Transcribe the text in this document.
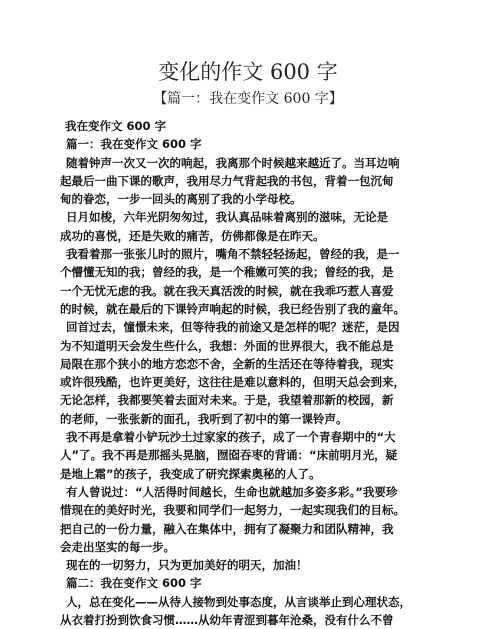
变化的作文 600 字
【篇一：我在变作文 600 字】
我在变作文 600 字
篇一：我在变作文 600 字
随着钟声一次又一次的响起，我离那个时候越来越近了。当耳边响
起最后一曲下课的歌声，我用尽力气背起我的书包，背着一包沉甸
甸的眷恋，一步一回头的离别了我的小学母校。
日月如梭，六年光阴匆匆过，我认真品味着离别的滋味，无论是
成功的喜悦，还是失败的痛苦，仿佛都像是在昨天。
我看着那一张张儿时的照片，嘴角不禁轻轻扬起，曾经的我，是一
个懵懂无知的我；曾经的我，是一个稚嫩可笑的我；曾经的我，是
一个无忧无虑的我。就在我天真活泼的时候，就在我乖巧惹人喜爱
的时候，就在最后的下课铃声响起的时候，我已经告别了我的童年。
回首过去，憧憬未来，但等待我的前途又是怎样的呢？迷茫，是因
为不知道明天会发生些什么，我想：外面的世界很大，我不能总是
局限在那个狭小的地方恋恋不舍，全新的生活还在等待着我，现实
或许很残酷，也许更美好，这往往是难以意料的，但明天总会到来，
无论怎样，我都要笑着去面对未来。于是，我望着那新的校园，新
的老师，一张张新的面孔，我听到了初中的第一课铃声。
我不再是拿着小铲玩沙土过家家的孩子，成了一个青春期中的“大
人”了。我不再是那摇头晃脑，囫囵吞枣的背诵：“床前明月光，疑
是地上霜”的孩子，我变成了研究探索奥秘的人了。
有人曾说过：“人活得时间越长，生命也就越加多姿多彩。”我要珍
惜现在的美好时光，我要和同学们一起努力，一起实现我们的目标。
把自己的一份力量，融入在集体中，拥有了凝聚力和团队精神，我
会走出坚实的每一步。
现在的一切努力，只为更加美好的明天，加油！
篇二：我在变作文 600 字
人，总在变化——从待人接物到处事态度，从言谈举止到心理状态，
从衣着打扮到饮食习惯……从幼年青涩到暮年沧桑，没有什么不曾
